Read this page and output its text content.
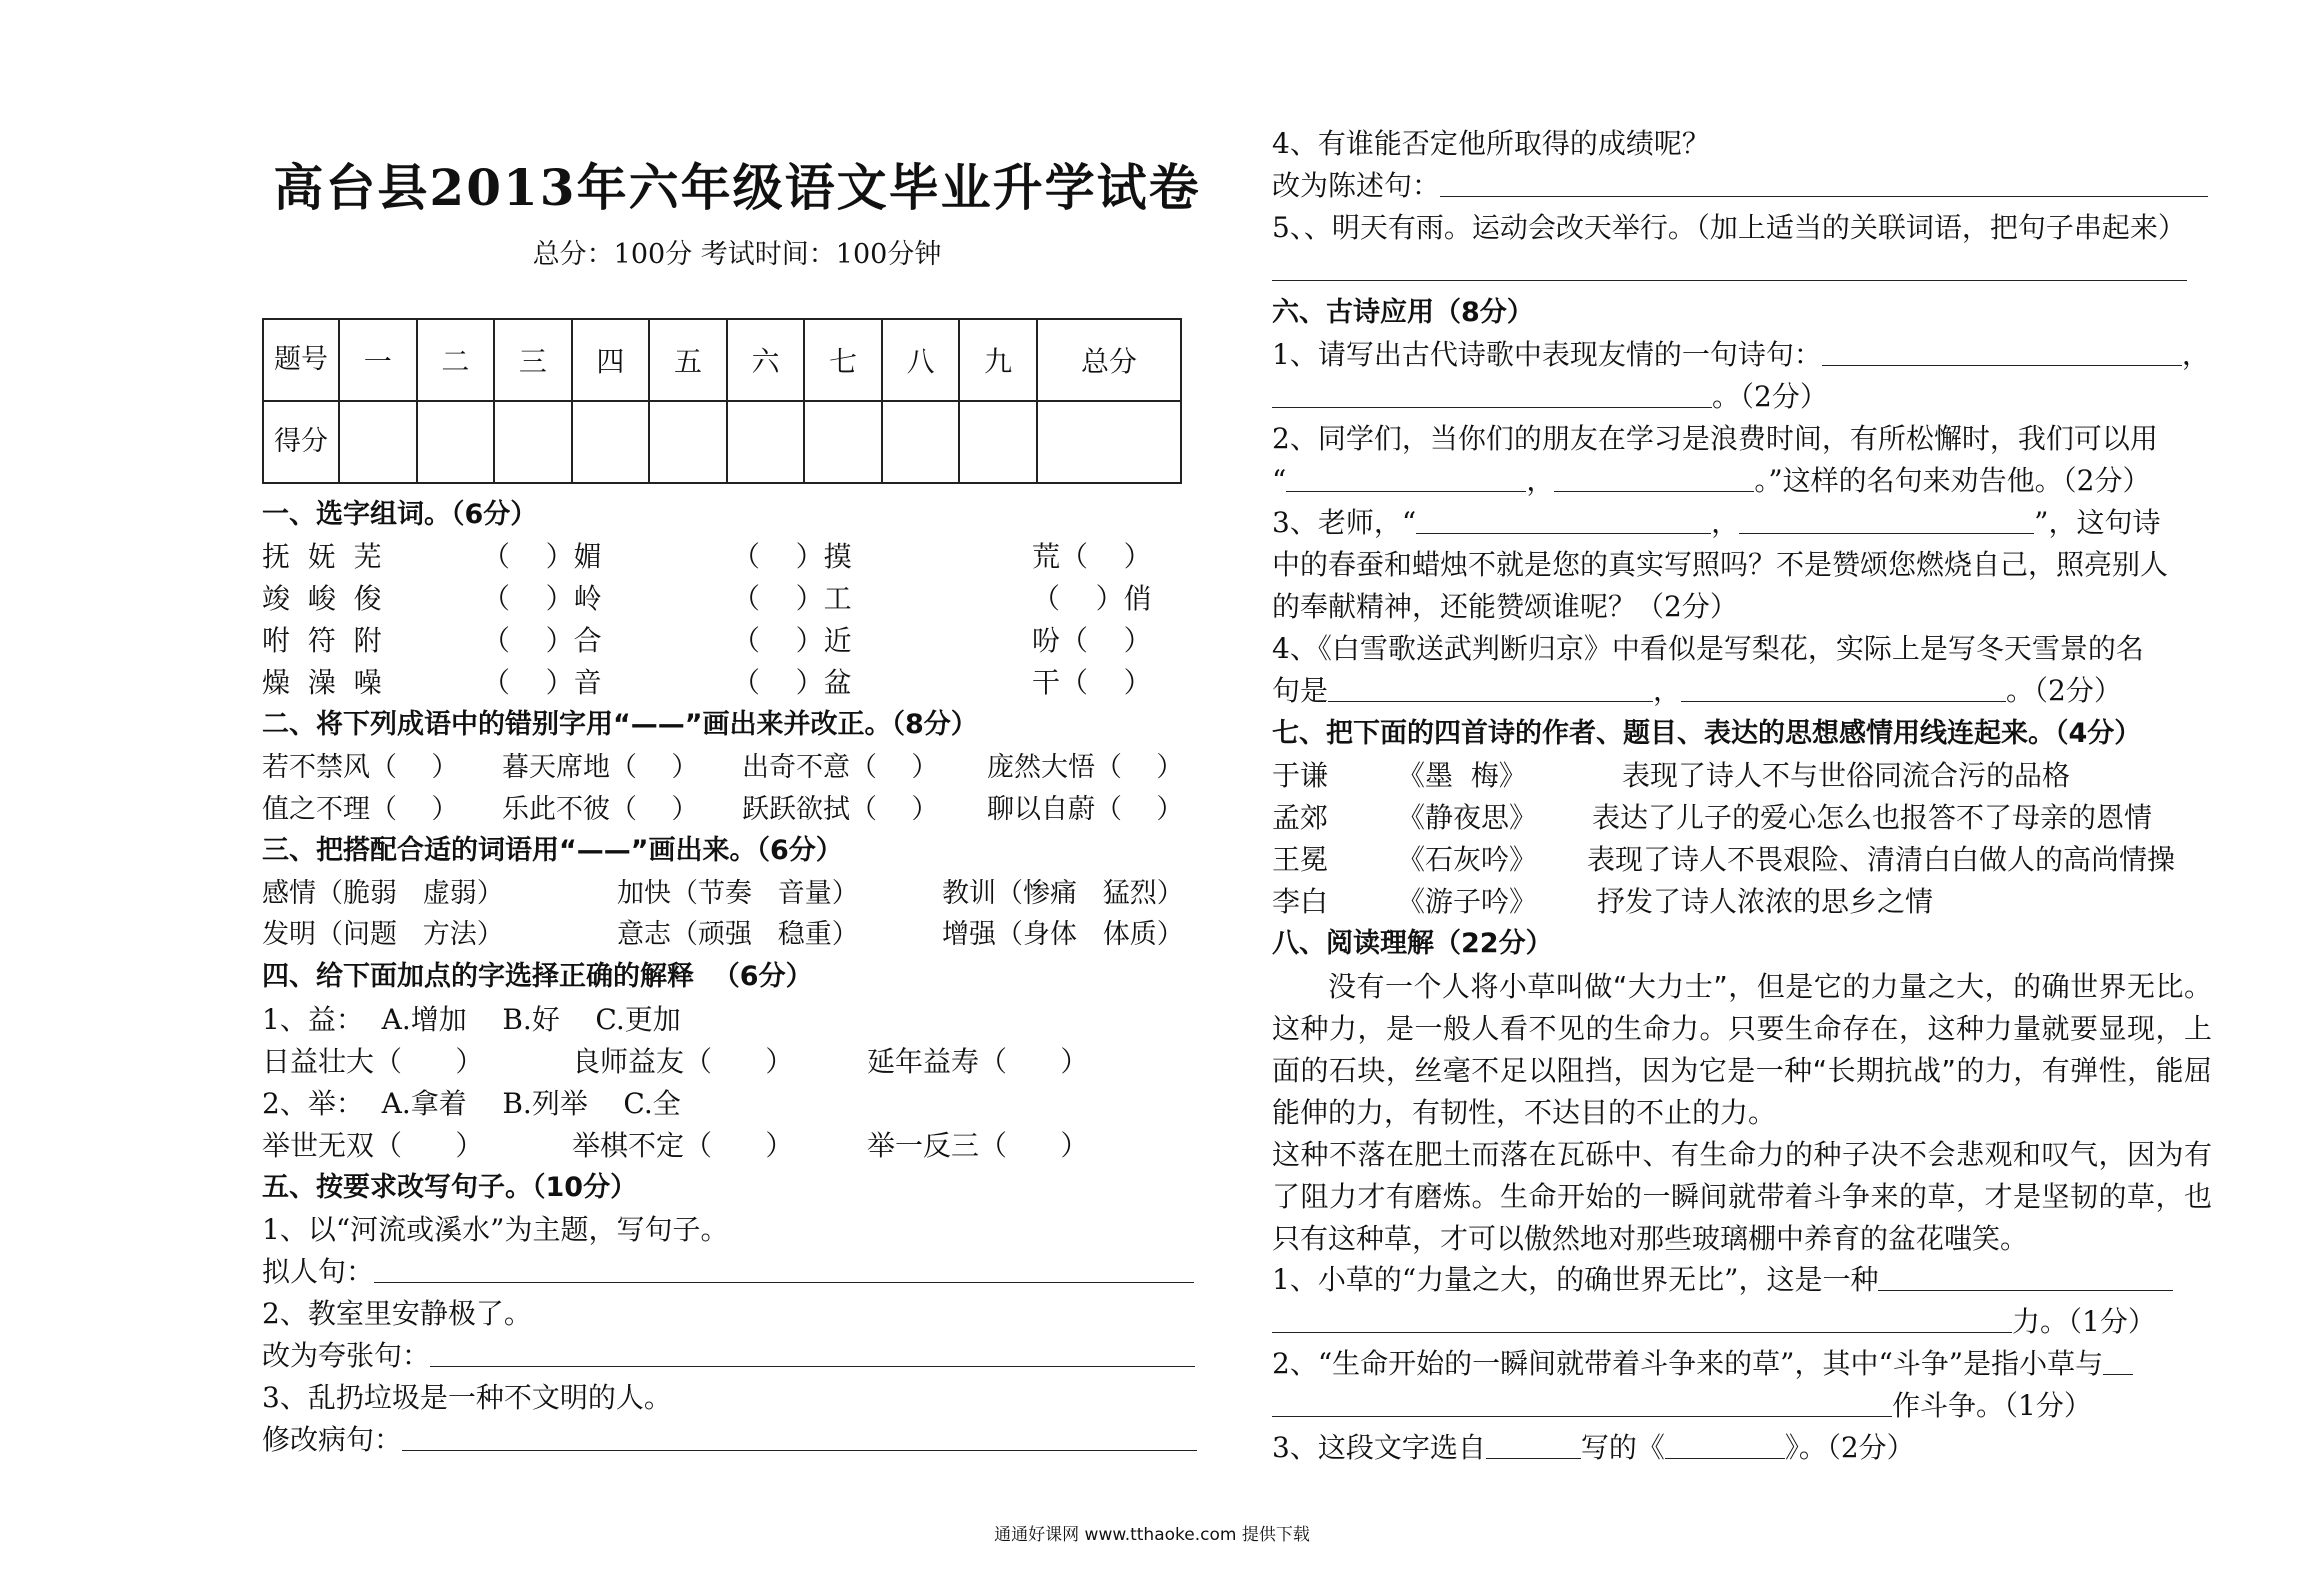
高台县2013年六年级语文毕业升学试卷
总分：100分 考试时间：100分钟
题号	一	二	三	四	五	六	七	八	九	总分
得分										
一、选字组词。（6分）
抚  妩  芜	（    ）媚	（    ）摸	荒（    ）
竣  峻  俊	（    ）岭	（    ）工	（    ）俏
咐  符  附	（    ）合	（    ）近	吩（    ）
燥  澡  噪	（    ）音	（    ）盆	干（    ）
二、将下列成语中的错别字用“——”画出来并改正。（8分）
若不禁风（    ）	暮天席地（    ）	出奇不意（    ）	庞然大悟（    ）
值之不理（    ）	乐此不彼（    ）	跃跃欲拭（    ）	聊以自蔚（    ）
三、把搭配合适的词语用“——”画出来。（6分）
感情（脆弱   虚弱）	加快（节奏   音量）	教训（惨痛   猛烈）
发明（问题   方法）	意志（顽强   稳重）	增强（身体   体质）
四、给下面加点的字选择正确的解释  （6分）
1、益：  A.增加    B.好    C.更加
日益壮大（      ）	良师益友（      ）	延年益寿（      ）
2、举：  A.拿着    B.列举    C.全
举世无双（      ）	举棋不定（      ）	举一反三（      ）
五、按要求改写句子。（10分）
1、以“河流或溪水”为主题，写句子。
拟人句：
2、教室里安静极了。
改为夸张句：
3、乱扔垃圾是一种不文明的人。
修改病句：
4、有谁能否定他所取得的成绩呢？
改为陈述句：
5、、明天有雨。运动会改天举行。（加上适当的关联词语，把句子串起来）
六、古诗应用（8分）
1、请写出古代诗歌中表现友情的一句诗句：	，
。（2分）
2、同学们，当你们的朋友在学习是浪费时间，有所松懈时，我们可以用
“	，	。”这样的名句来劝告他。（2分）
3、老师，“	，	”，这句诗
中的春蚕和蜡烛不就是您的真实写照吗？不是赞颂您燃烧自己，照亮别人
的奉献精神，还能赞颂谁呢？（2分）
4、《白雪歌送武判断归京》中看似是写梨花，实际上是写冬天雪景的名
句是	，	。（2分）
七、把下面的四首诗的作者、题目、表达的思想感情用线连起来。（4分）
于谦	《墨  梅》	表现了诗人不与世俗同流合污的品格
孟郊	《静夜思》	表达了儿子的爱心怎么也报答不了母亲的恩情
王冕	《石灰吟》	表现了诗人不畏艰险、清清白白做人的高尚情操
李白	《游子吟》	抒发了诗人浓浓的思乡之情
八、阅读理解（22分）
没有一个人将小草叫做“大力士”，但是它的力量之大，的确世界无比。这种力，是一般人看不见的生命力。只要生命存在，这种力量就要显现，上面的石块，丝毫不足以阻挡，因为它是一种“长期抗战”的力，有弹性，能屈能伸的力，有韧性，不达目的不止的力。
这种不落在肥土而落在瓦砾中、有生命力的种子决不会悲观和叹气，因为有了阻力才有磨炼。生命开始的一瞬间就带着斗争来的草，才是坚韧的草，也只有这种草，才可以傲然地对那些玻璃棚中养育的盆花嗤笑。
1、小草的“力量之大，的确世界无比”，这是一种
力。（1分）
2、“生命开始的一瞬间就带着斗争来的草”，其中“斗争”是指小草与
作斗争。（1分）
3、这段文字选自	写的《	》。（2分）
通通好课网 www.tthaoke.com 提供下载
